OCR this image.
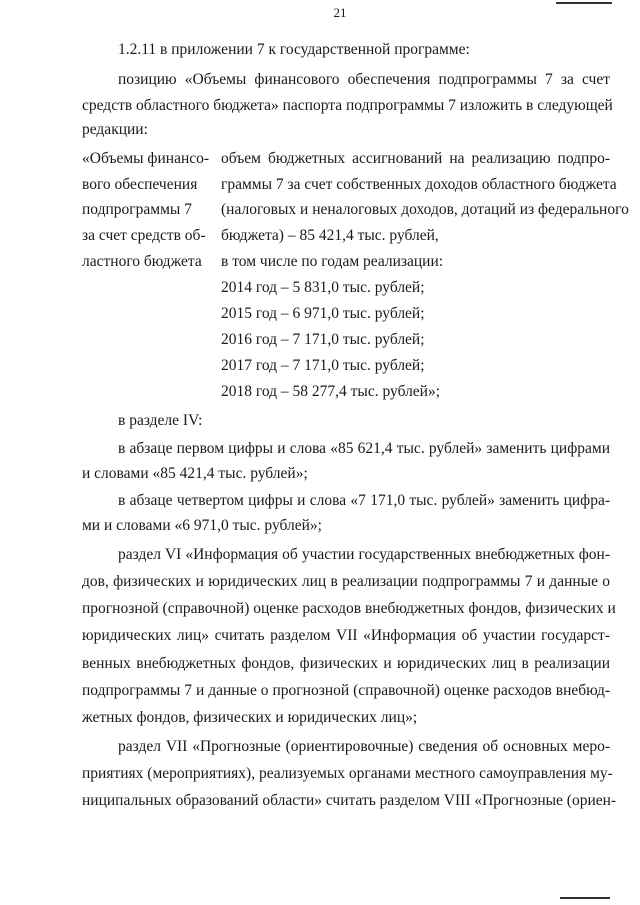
21
1.2.11 в приложении 7 к государственной программе:
позицию «Объемы финансового обеспечения подпрограммы 7 за счет
средств областного бюджета» паспорта подпрограммы 7 изложить в следующей
редакции:
«Объемы финансо-
вого обеспечения
подпрограммы 7
за счет средств об-
ластного бюджета
объем бюджетных ассигнований на реализацию подпро-
граммы 7 за счет собственных доходов областного бюджета
(налоговых и неналоговых доходов, дотаций из федерального
бюджета) – 85 421,4 тыс. рублей,
в том числе по годам реализации:
2014 год – 5 831,0 тыс. рублей;
2015 год – 6 971,0 тыс. рублей;
2016 год – 7 171,0 тыс. рублей;
2017 год – 7 171,0 тыс. рублей;
2018 год – 58 277,4 тыс. рублей»;
в разделе IV:
в абзаце первом цифры и слова «85 621,4 тыс. рублей» заменить цифрами
и словами «85 421,4 тыс. рублей»;
в абзаце четвертом цифры и слова «7 171,0 тыс. рублей» заменить цифра-
ми и словами «6 971,0 тыс. рублей»;
раздел VI «Информация об участии государственных внебюджетных фон-
дов, физических и юридических лиц в реализации подпрограммы 7 и данные о
прогнозной (справочной) оценке расходов внебюджетных фондов, физических и
юридических лиц» считать разделом VII «Информация об участии государст-
венных внебюджетных фондов, физических и юридических лиц в реализации
подпрограммы 7 и данные о прогнозной (справочной) оценке расходов внебюд-
жетных фондов, физических и юридических лиц»;
раздел VII «Прогнозные (ориентировочные) сведения об основных меро-
приятиях (мероприятиях), реализуемых органами местного самоуправления му-
ниципальных образований области» считать разделом VIII «Прогнозные (ориен-
